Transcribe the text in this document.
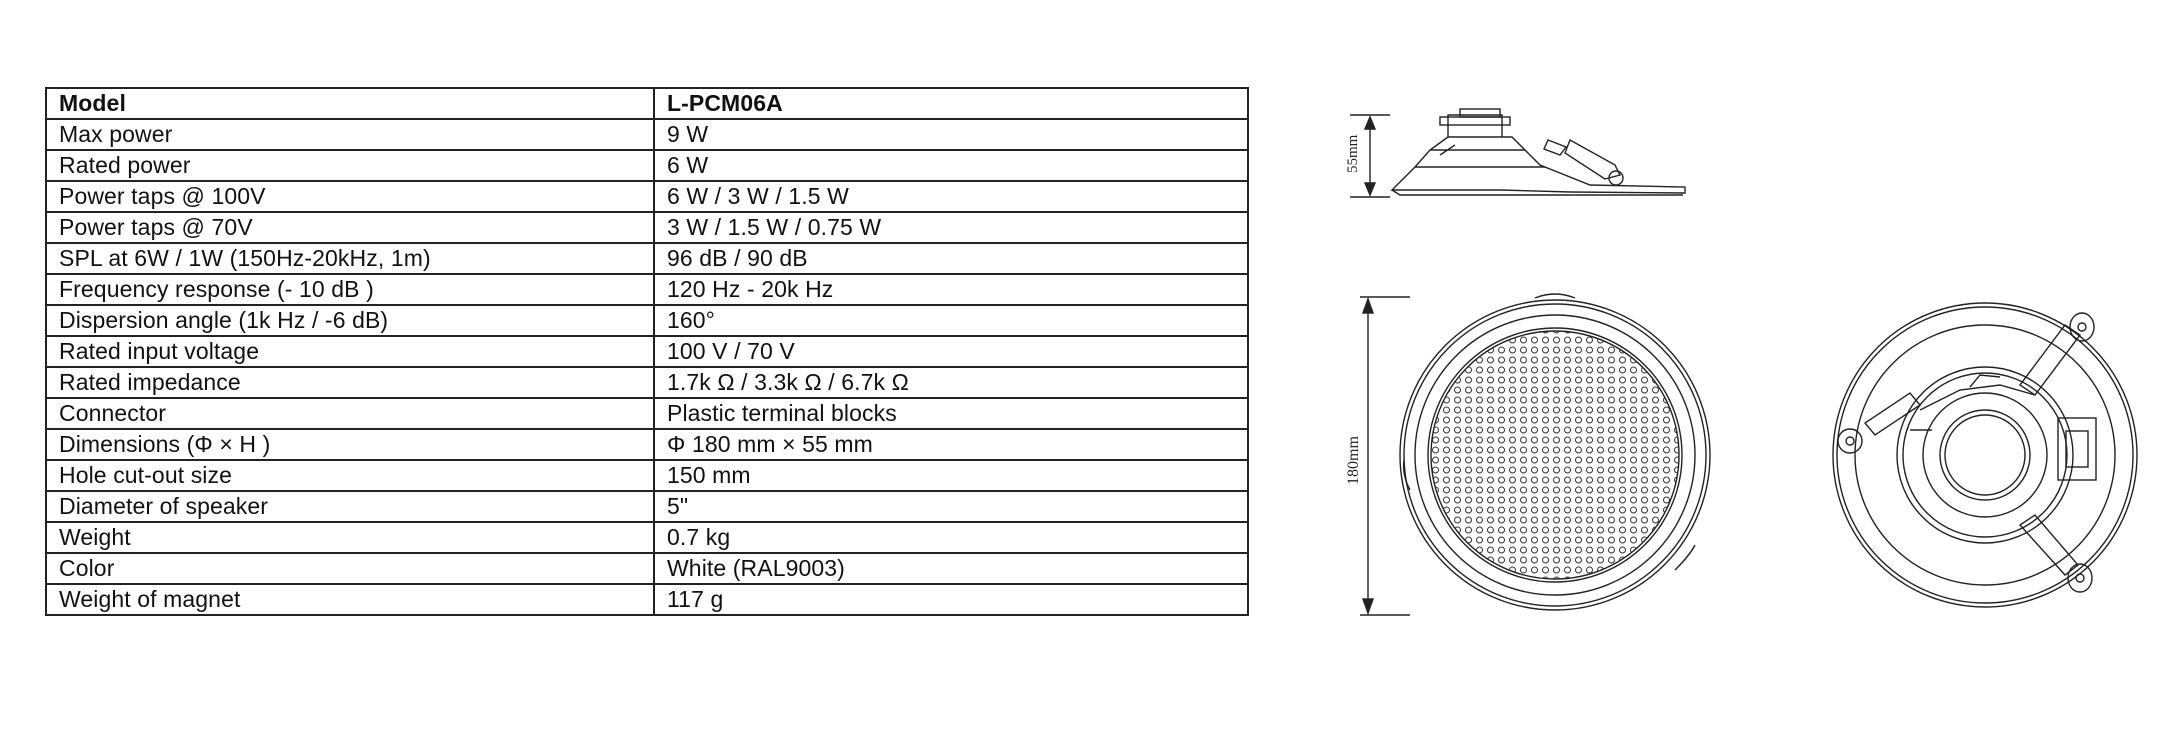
Model	L-PCM06A
Max power	9 W
Rated power	6 W
Power taps @ 100V	6 W / 3 W / 1.5 W
Power taps @ 70V	3 W / 1.5 W / 0.75 W
SPL at 6W / 1W (150Hz-20kHz, 1m)	96 dB / 90 dB
Frequency response (- 10 dB )	120 Hz - 20k Hz
Dispersion angle (1k Hz / -6 dB)	160°
Rated input voltage	100 V / 70 V
Rated impedance	1.7k Ω / 3.3k Ω / 6.7k Ω
Connector	Plastic terminal blocks
Dimensions (Φ × H )	Φ 180 mm × 55 mm
Hole cut-out size	150 mm
Diameter of speaker	5"
Weight	0.7 kg
Color	White (RAL9003)
Weight of magnet	117 g
55mm
180mm
